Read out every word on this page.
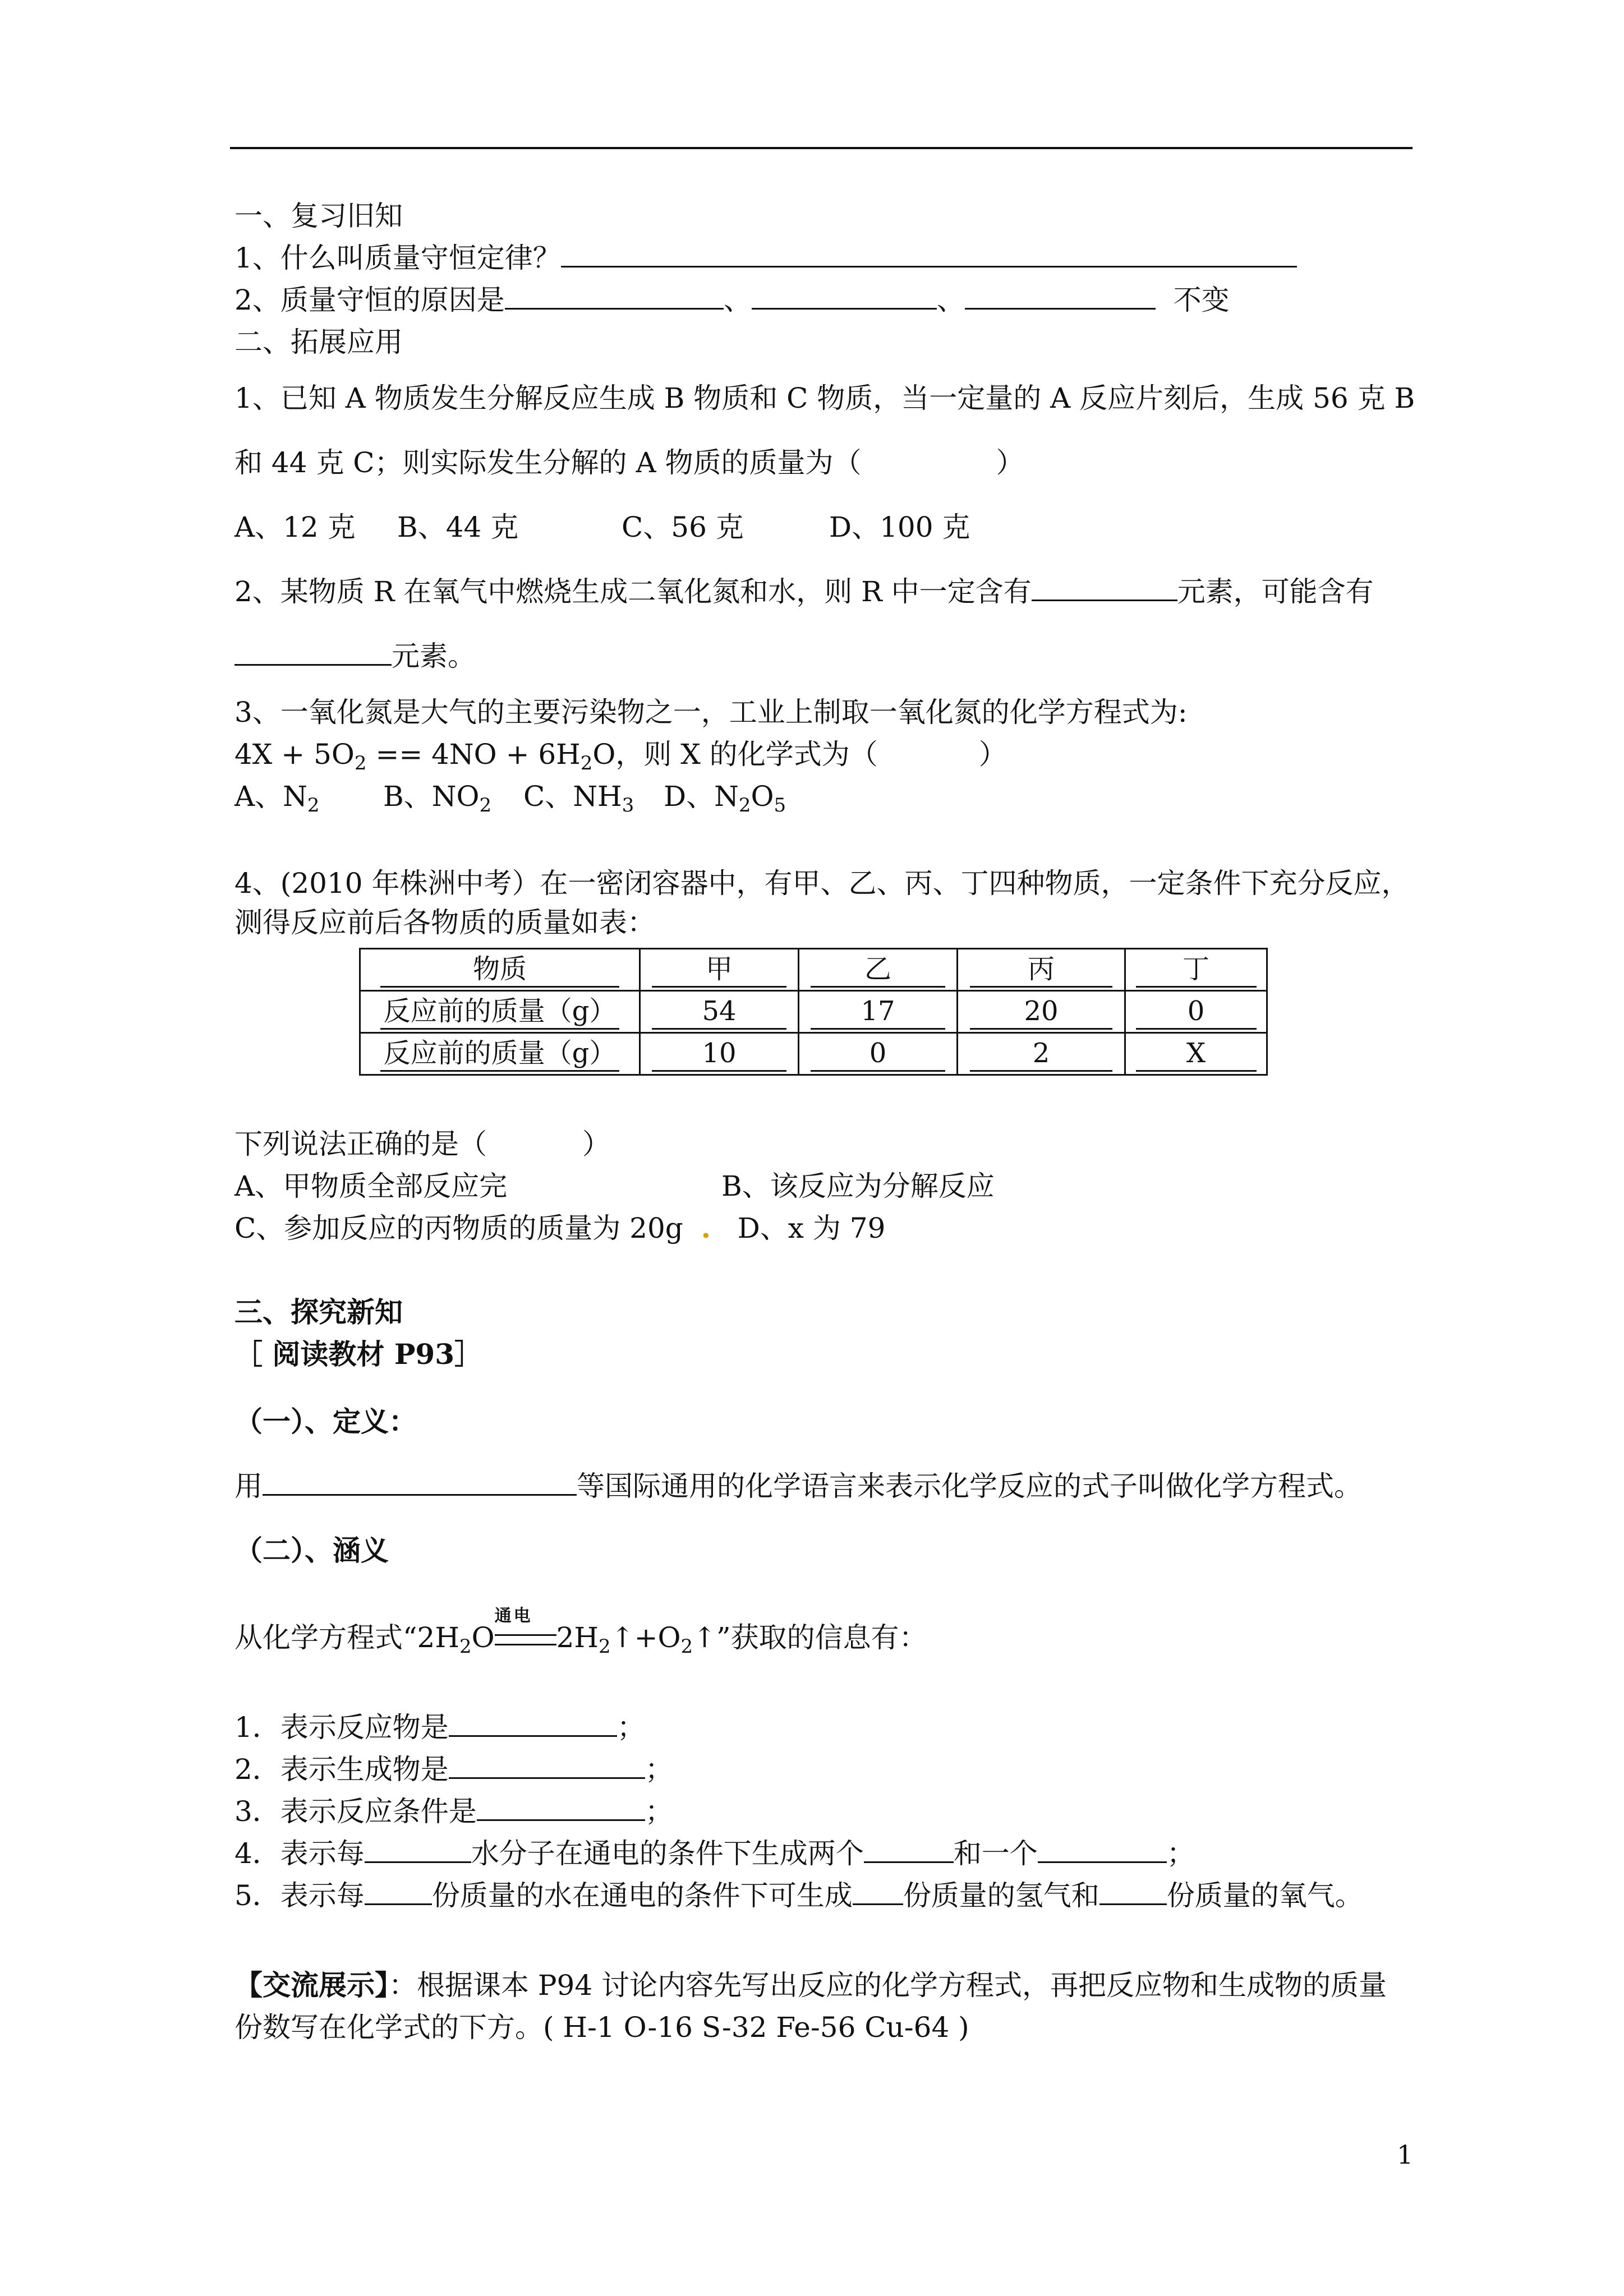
一、复习旧知
1、什么叫质量守恒定律？
2、质量守恒的原因是	、	、	不变
二、拓展应用
1、已知 A 物质发生分解反应生成 B 物质和 C 物质，当一定量的 A 反应片刻后，生成 56 克 B
和 44 克 C；则实际发生分解的 A 物质的质量为（	）
A、12 克 B、44 克	C、56 克	D、100 克
2、某物质 R 在氧气中燃烧生成二氧化氮和水，则 R 中一定含有	元素，可能含有
元素。
3、一氧化氮是大气的主要污染物之一，工业上制取一氧化氮的化学方程式为:
$4X + 5O_2 == 4NO + 6H_2O$，则 X 的化学式为（	）
A、$N_2$ B、$NO_2$ C、$NH_3$ D、$N_2O_5$
4、(2010 年株洲中考）在一密闭容器中，有甲、乙、丙、丁四种物质，一定条件下充分反应，
测得反应前后各物质的质量如表：
物质	甲	乙	丙	丁
反应前的质量（g）	54	17	20	0
反应前的质量（g）	10	0	2	X
下列说法正确的是（	）
A、甲物质全部反应完	B、该反应为分解反应
C、参加反应的丙物质的质量为 20g . D、x 为 79
三、探究新知
［ 阅读教材 P93］
（一）、定义：
用	等国际通用的化学语言来表示化学反应的式子叫做化学方程式。
（二）、涵义
从化学方程式“$2H_2O$
通电
$2H_2↑+O_2↑$”获取的信息有：
1．表示反应物是	；
2．表示生成物是	；
3．表示反应条件是	；
4．表示每	水分子在通电的条件下生成两个	和一个	；
5．表示每 份质量的水在通电的条件下可生成 份质量的氢气和 份质量的氧气。
【交流展示】：根据课本 P94 讨论内容先写出反应的化学方程式，再把反应物和生成物的质量
份数写在化学式的下方。( H-1 O-16 S-32 Fe-56 Cu-64 )
1
